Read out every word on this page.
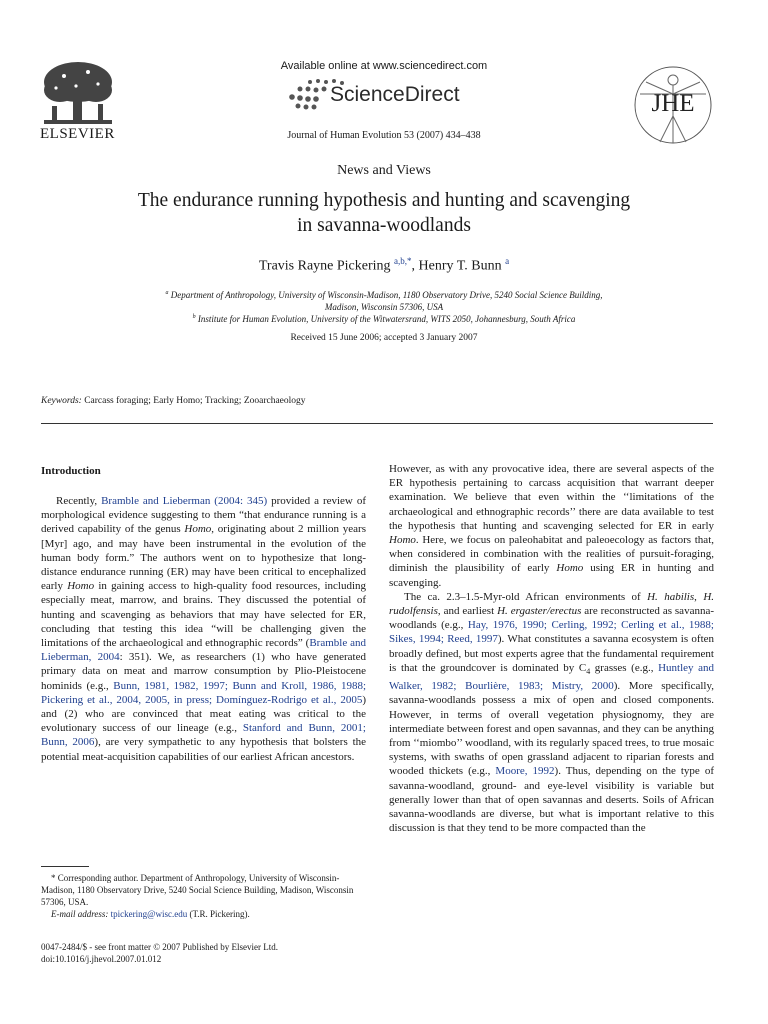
ELSEVIER
Available online at www.sciencedirect.com
ScienceDirect
Journal of Human Evolution 53 (2007) 434–438
JHE
News and Views
The endurance running hypothesis and hunting and scavenging
in savanna-woodlands
Travis Rayne Pickering $^{a,b,*}$, Henry T. Bunn $^a$
$^a$ Department of Anthropology, University of Wisconsin-Madison, 1180 Observatory Drive, 5240 Social Science Building,
Madison, Wisconsin 57306, USA
$^b$ Institute for Human Evolution, University of the Witwatersrand, WITS 2050, Johannesburg, South Africa
Received 15 June 2006; accepted 3 January 2007
Keywords: Carcass foraging; Early Homo; Tracking; Zooarchaeology
Introduction

Recently, Bramble and Lieberman (2004: 345) provided a review of morphological evidence suggesting to them “that endurance running is a derived capability of the genus Homo, originating about 2 million years [Myr] ago, and may have been instrumental in the evolution of the human body form.” The authors went on to hypothesize that long-distance endurance running (ER) may have been critical to encephalized early Homo in gaining access to high-quality food resources, including especially meat, marrow, and brains. They discussed the potential of hunting and scavenging as behaviors that may have selected for ER, concluding that testing this idea “will be challenging given the limitations of the archaeological and ethnographic records” (Bramble and Lieberman, 2004: 351). We, as researchers (1) who have generated primary data on meat and marrow consumption by Plio-Pleistocene hominids (e.g., Bunn, 1981, 1982, 1997; Bunn and Kroll, 1986, 1988; Pickering et al., 2004, 2005, in press; Domínguez-Rodrigo et al., 2005) and (2) who are convinced that meat eating was critical to the evolutionary success of our lineage (e.g., Stanford and Bunn, 2001; Bunn, 2006), are very sympathetic to any hypothesis that bolsters the potential meat-acquisition capabilities of our earliest African ancestors.

However, as with any provocative idea, there are several aspects of the ER hypothesis pertaining to carcass acquisition that warrant deeper examination. We believe that even within the ‘‘limitations of the archaeological and ethnographic records’’ there are data available to test the hypothesis that hunting and scavenging selected for ER in early Homo. Here, we focus on paleohabitat and paleoecology as factors that, when considered in combination with the realities of pursuit-foraging, diminish the plausibility of early Homo using ER in hunting and scavenging.

The ca. 2.3–1.5-Myr-old African environments of H. habilis, H. rudolfensis, and earliest H. ergaster/erectus are reconstructed as savanna-woodlands (e.g., Hay, 1976, 1990; Cerling, 1992; Cerling et al., 1988; Sikes, 1994; Reed, 1997). What constitutes a savanna ecosystem is often broadly defined, but most experts agree that the fundamental requirement is that the groundcover is dominated by $C_4$ grasses (e.g., Huntley and Walker, 1982; Bourlière, 1983; Mistry, 2000). More specifically, savanna-woodlands possess a mix of open and closed components. However, in terms of overall vegetation physiognomy, they are intermediate between forest and open savannas, and they can be anything from ‘‘miombo’’ woodland, with its regularly spaced trees, to true mosaic systems, with swaths of open grassland adjacent to riparian forests and wooded thickets (e.g., Moore, 1992). Thus, depending on the type of savanna-woodland, ground- and eye-level visibility is variable but generally lower than that of open savannas and deserts. Soils of African savanna-woodlands are diverse, but what is important relative to this discussion is that they tend to be more compacted than the

* Corresponding author. Department of Anthropology, University of Wisconsin-Madison, 1180 Observatory Drive, 5240 Social Science Building, Madison, Wisconsin 57306, USA.

E-mail address: tpickering@wisc.edu (T.R. Pickering).

0047-2484/$ - see front matter © 2007 Published by Elsevier Ltd.
doi:10.1016/j.jhevol.2007.01.012
